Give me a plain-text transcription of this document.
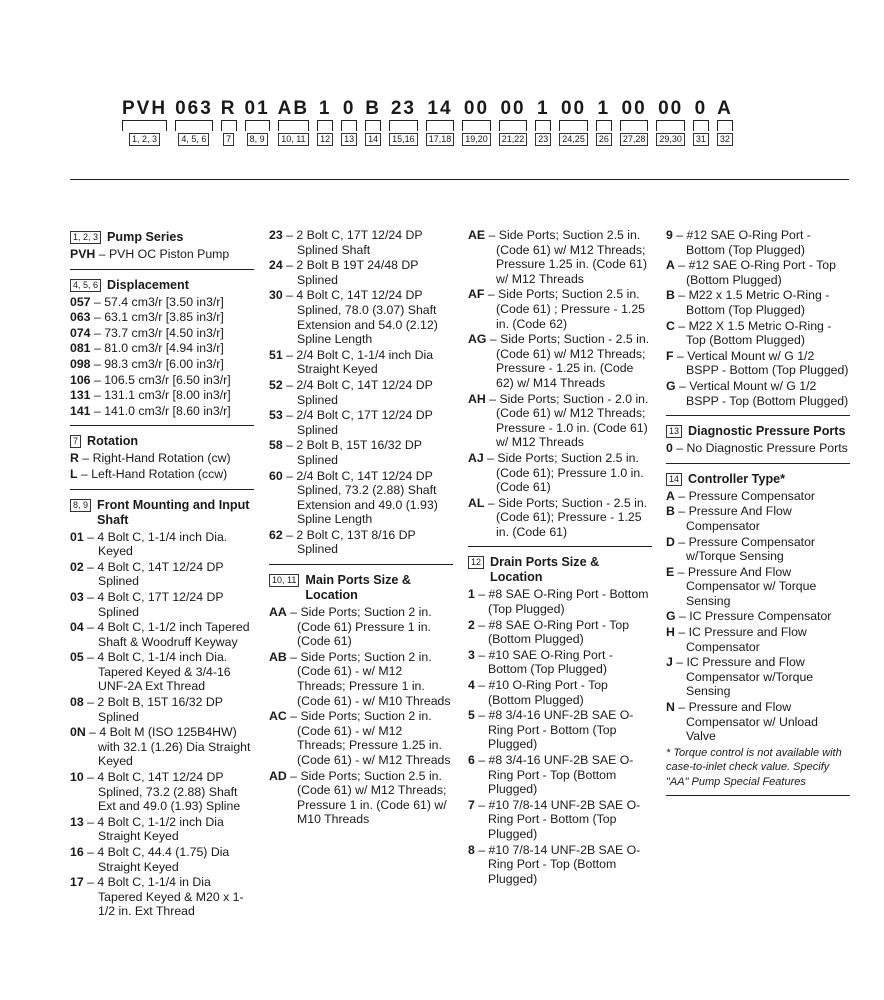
PVH
1, 2, 3
063
4, 5, 6
R
7
01
8, 9
AB
10, 11
1
12
0
13
B
14
23
15,16
14
17,18
00
19,20
00
21,22
1
23
00
24,25
1
26
00
27,28
00
29,30
0
31
A
32
1, 2, 3 Pump Series
PVH – PVH OC Piston Pump
4, 5, 6 Displacement
057 – 57.4 cm3/r [3.50 in3/r]
063 – 63.1 cm3/r [3.85 in3/r]
074 – 73.7 cm3/r [4.50 in3/r]
081 – 81.0 cm3/r [4.94 in3/r]
098 – 98.3 cm3/r [6.00 in3/r]
106 – 106.5 cm3/r [6.50 in3/r]
131 – 131.1 cm3/r [8.00 in3/r]
141 – 141.0 cm3/r [8.60 in3/r]
7 Rotation
R – Right-Hand Rotation (cw)
L – Left-Hand Rotation (ccw)
8, 9 Front Mounting and Input Shaft
01 – 4 Bolt C, 1-1/4 inch Dia. Keyed
02 – 4 Bolt C, 14T 12/24 DP Splined
03 – 4 Bolt C, 17T 12/24 DP Splined
04 – 4 Bolt C, 1-1/2 inch Tapered Shaft & Woodruff Keyway
05 – 4 Bolt C, 1-1/4 inch Dia. Tapered Keyed & 3/4-16 UNF-2A Ext Thread
08 – 2 Bolt B, 15T 16/32 DP Splined
0N – 4 Bolt M (ISO 125B4HW) with 32.1 (1.26) Dia Straight Keyed
10 – 4 Bolt C, 14T 12/24 DP Splined, 73.2 (2.88) Shaft Ext and 49.0 (1.93) Spline
13 – 4 Bolt C, 1-1/2 inch Dia Straight Keyed
16 – 4 Bolt C, 44.4 (1.75) Dia Straight Keyed
17 – 4 Bolt C, 1-1/4 in Dia Tapered Keyed & M20 x 1-1/2 in. Ext Thread
23 – 2 Bolt C, 17T 12/24 DP Splined Shaft
24 – 2 Bolt B 19T 24/48 DP Splined
30 – 4 Bolt C, 14T 12/24 DP Splined, 78.0 (3.07) Shaft Extension and 54.0 (2.12) Spline Length
51 – 2/4 Bolt C, 1-1/4 inch Dia Straight Keyed
52 – 2/4 Bolt C, 14T 12/24 DP Splined
53 – 2/4 Bolt C, 17T 12/24 DP Splined
58 – 2 Bolt B, 15T 16/32 DP Splined
60 – 2/4 Bolt C, 14T 12/24 DP Splined, 73.2 (2.88) Shaft Extension and 49.0 (1.93) Spline Length
62 – 2 Bolt C, 13T 8/16 DP Splined
10, 11 Main Ports Size & Location
AA – Side Ports; Suction 2 in. (Code 61) Pressure 1 in. (Code 61)
AB – Side Ports; Suction 2 in. (Code 61) - w/ M12 Threads; Pressure 1 in. (Code 61) - w/ M10 Threads
AC – Side Ports; Suction 2 in. (Code 61) - w/ M12 Threads; Pressure 1.25 in. (Code 61) - w/ M12 Threads
AD – Side Ports; Suction 2.5 in. (Code 61) w/ M12 Threads; Pressure 1 in. (Code 61) w/ M10 Threads
AE – Side Ports; Suction 2.5 in. (Code 61) w/ M12 Threads; Pressure 1.25 in. (Code 61) w/ M12 Threads
AF – Side Ports; Suction 2.5 in. (Code 61) ; Pressure - 1.25 in. (Code 62)
AG – Side Ports; Suction - 2.5 in. (Code 61) w/ M12 Threads; Pressure - 1.25 in. (Code 62) w/ M14 Threads
AH – Side Ports; Suction - 2.0 in. (Code 61) w/ M12 Threads; Pressure - 1.0 in. (Code 61) w/ M12 Threads
AJ – Side Ports; Suction 2.5 in. (Code 61); Pressure 1.0 in. (Code 61)
AL – Side Ports; Suction - 2.5 in. (Code 61); Pressure - 1.25 in. (Code 61)
12 Drain Ports Size & Location
1 – #8 SAE O-Ring Port - Bottom (Top Plugged)
2 – #8 SAE O-Ring Port - Top (Bottom Plugged)
3 – #10 SAE O-Ring Port - Bottom (Top Plugged)
4 – #10 O-Ring Port - Top (Bottom Plugged)
5 – #8 3/4-16 UNF-2B SAE O-Ring Port - Bottom (Top Plugged)
6 – #8 3/4-16 UNF-2B SAE O-Ring Port - Top (Bottom Plugged)
7 – #10 7/8-14 UNF-2B SAE O-Ring Port - Bottom (Top Plugged)
8 – #10 7/8-14 UNF-2B SAE O-Ring Port - Top (Bottom Plugged)
9 – #12 SAE O-Ring Port - Bottom (Top Plugged)
A – #12 SAE O-Ring Port - Top (Bottom Plugged)
B – M22 x 1.5 Metric O-Ring - Bottom (Top Plugged)
C – M22 X 1.5 Metric O-Ring - Top (Bottom Plugged)
F – Vertical Mount w/ G 1/2 BSPP - Bottom (Top Plugged)
G – Vertical Mount w/ G 1/2 BSPP - Top (Bottom Plugged)
13 Diagnostic Pressure Ports
0 – No Diagnostic Pressure Ports
14 Controller Type*
A – Pressure Compensator
B – Pressure And Flow Compensator
D – Pressure Compensator w/Torque Sensing
E – Pressure And Flow Compensator w/ Torque Sensing
G – IC Pressure Compensator
H – IC Pressure and Flow Compensator
J – IC Pressure and Flow Compensator w/Torque Sensing
N – Pressure and Flow Compensator w/ Unload Valve
* Torque control is not available with case-to-inlet check value. Specify "AA" Pump Special Features
